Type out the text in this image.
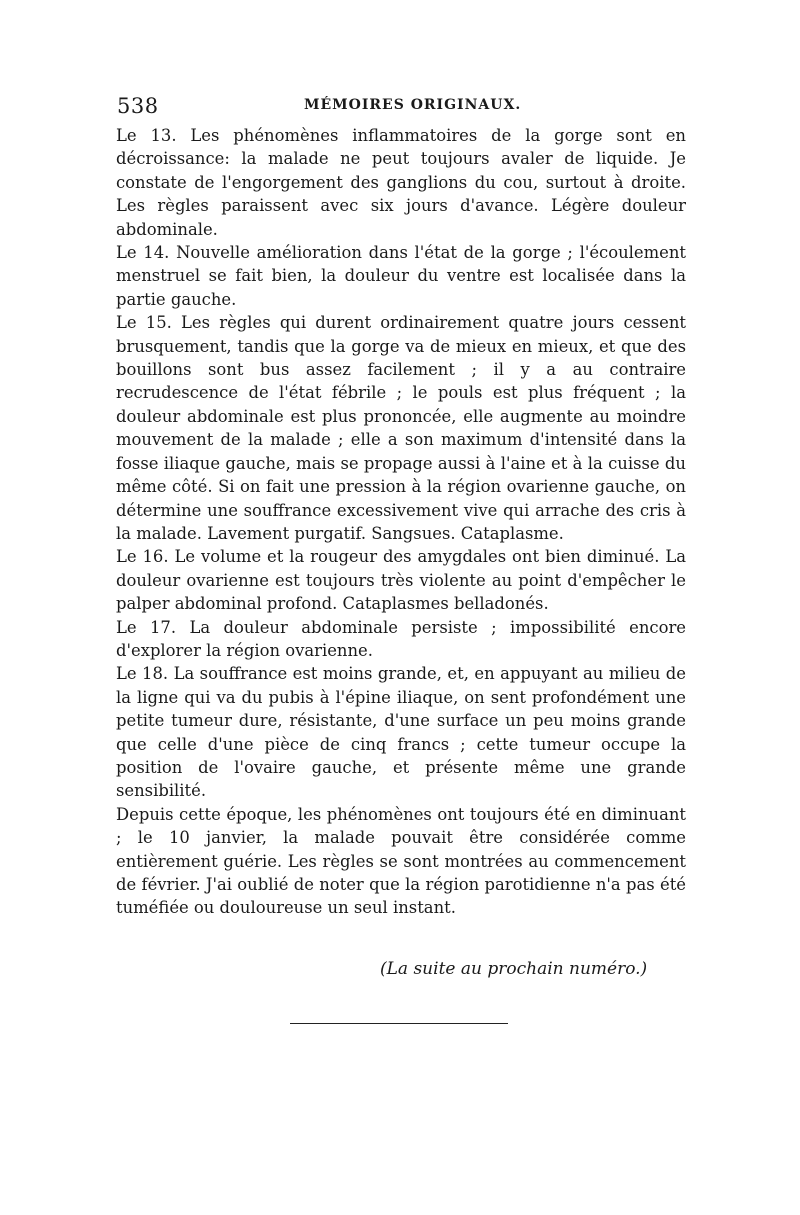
538	MÉMOIRES ORIGINAUX.

Le 13. Les phénomènes inflammatoires de la gorge sont en décroissance: la malade ne peut toujours avaler de liquide. Je constate de l'engorgement des ganglions du cou, surtout à droite. Les règles paraissent avec six jours d'avance. Légère douleur abdominale.

Le 14. Nouvelle amélioration dans l'état de la gorge ; l'écoulement menstruel se fait bien, la douleur du ventre est localisée dans la partie gauche.

Le 15. Les règles qui durent ordinairement quatre jours cessent brusquement, tandis que la gorge va de mieux en mieux, et que des bouillons sont bus assez facilement ; il y a au contraire recrudescence de l'état fébrile ; le pouls est plus fréquent ; la douleur abdominale est plus prononcée, elle augmente au moindre mouvement de la malade ; elle a son maximum d'intensité dans la fosse iliaque gauche, mais se propage aussi à l'aine et à la cuisse du même côté. Si on fait une pression à la région ovarienne gauche, on détermine une souffrance excessivement vive qui arrache des cris à la malade. Lavement purgatif. Sangsues. Cataplasme.

Le 16. Le volume et la rougeur des amygdales ont bien diminué. La douleur ovarienne est toujours très violente au point d'empêcher le palper abdominal profond. Cataplasmes belladonés.

Le 17. La douleur abdominale persiste ; impossibilité encore d'explorer la région ovarienne.

Le 18. La souffrance est moins grande, et, en appuyant au milieu de la ligne qui va du pubis à l'épine iliaque, on sent profondément une petite tumeur dure, résistante, d'une surface un peu moins grande que celle d'une pièce de cinq francs ; cette tumeur occupe la position de l'ovaire gauche, et présente même une grande sensibilité.

Depuis cette époque, les phénomènes ont toujours été en diminuant ; le 10 janvier, la malade pouvait être considérée comme entièrement guérie. Les règles se sont montrées au commencement de février. J'ai oublié de noter que la région parotidienne n'a pas été tuméfiée ou douloureuse un seul instant.

(La suite au prochain numéro.)
